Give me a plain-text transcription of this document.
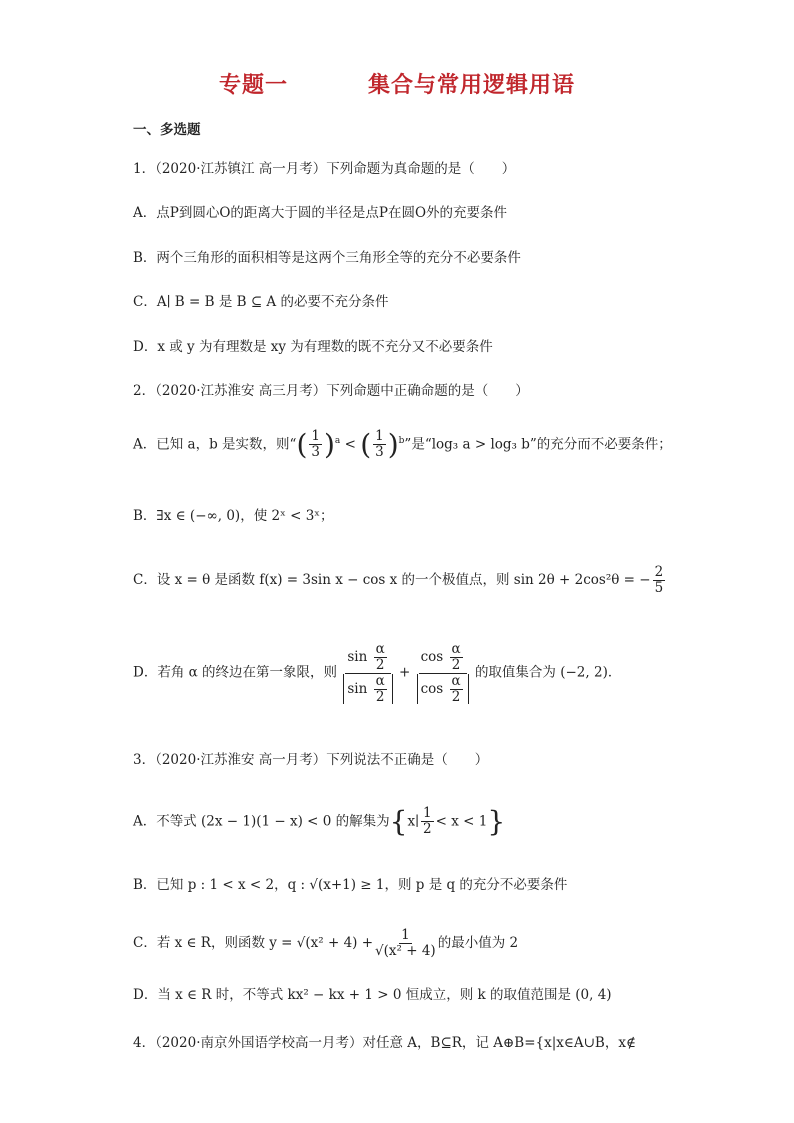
专题一	集合与常用逻辑用语
一、多选题
1．（2020·江苏镇江 高一月考）下列命题为真命题的是（　　）
A．点P到圆心O的距离大于圆的半径是点P在圆O外的充要条件
B．两个三角形的面积相等是这两个三角形全等的充分不必要条件
C．A∣ B = B 是 B ⊆ A 的必要不充分条件
D．x 或 y 为有理数是 xy 为有理数的既不充分又不必要条件
2．（2020·江苏淮安 高三月考）下列命题中正确命题的是（　　）
A．已知 a，b 是实数，则“( $\frac{1}{3} )^a$ < ( $\frac{1}{3} )^b$”是“log₃ a > log₃ b”的充分而不必要条件；
B．∃x ∈ (−∞, 0)，使 2ˣ < 3ˣ；
C．设 x = θ 是函数 f(x) = 3sin x − cos x 的一个极值点，则 sin 2θ + 2cos²θ = − $\frac{2}{5}$
D．若角 α 的终边在第一象限，则 $\frac{\sin \frac{\alpha}{2}}{\sin \frac{\alpha}{2}} + \frac{\cos \frac{\alpha}{2}}{\cos \frac{\alpha}{2}}$ 的取值集合为 (−2, 2)．
3．（2020·江苏淮安 高一月考）下列说法不正确是（　　）
A．不等式 (2x − 1)(1 − x) < 0 的解集为{x∣ $\frac{1}{2} < x < 1$}
B．已知 p : 1 < x < 2，q : √(x+1) ≥ 1，则 p 是 q 的充分不必要条件
C．若 x ∈ R，则函数 $y = √(x^2 + 4) + \frac{1}{\text{√(x² + 4)}}$ 的最小值为 2
D．当 x ∈ R 时，不等式 kx² − kx + 1 > 0 恒成立，则 k 的取值范围是 (0, 4)
4．（2020·南京外国语学校高一月考）对任意 A，B⊆R，记 A⊕B={x|x∈A∪B，x∉
